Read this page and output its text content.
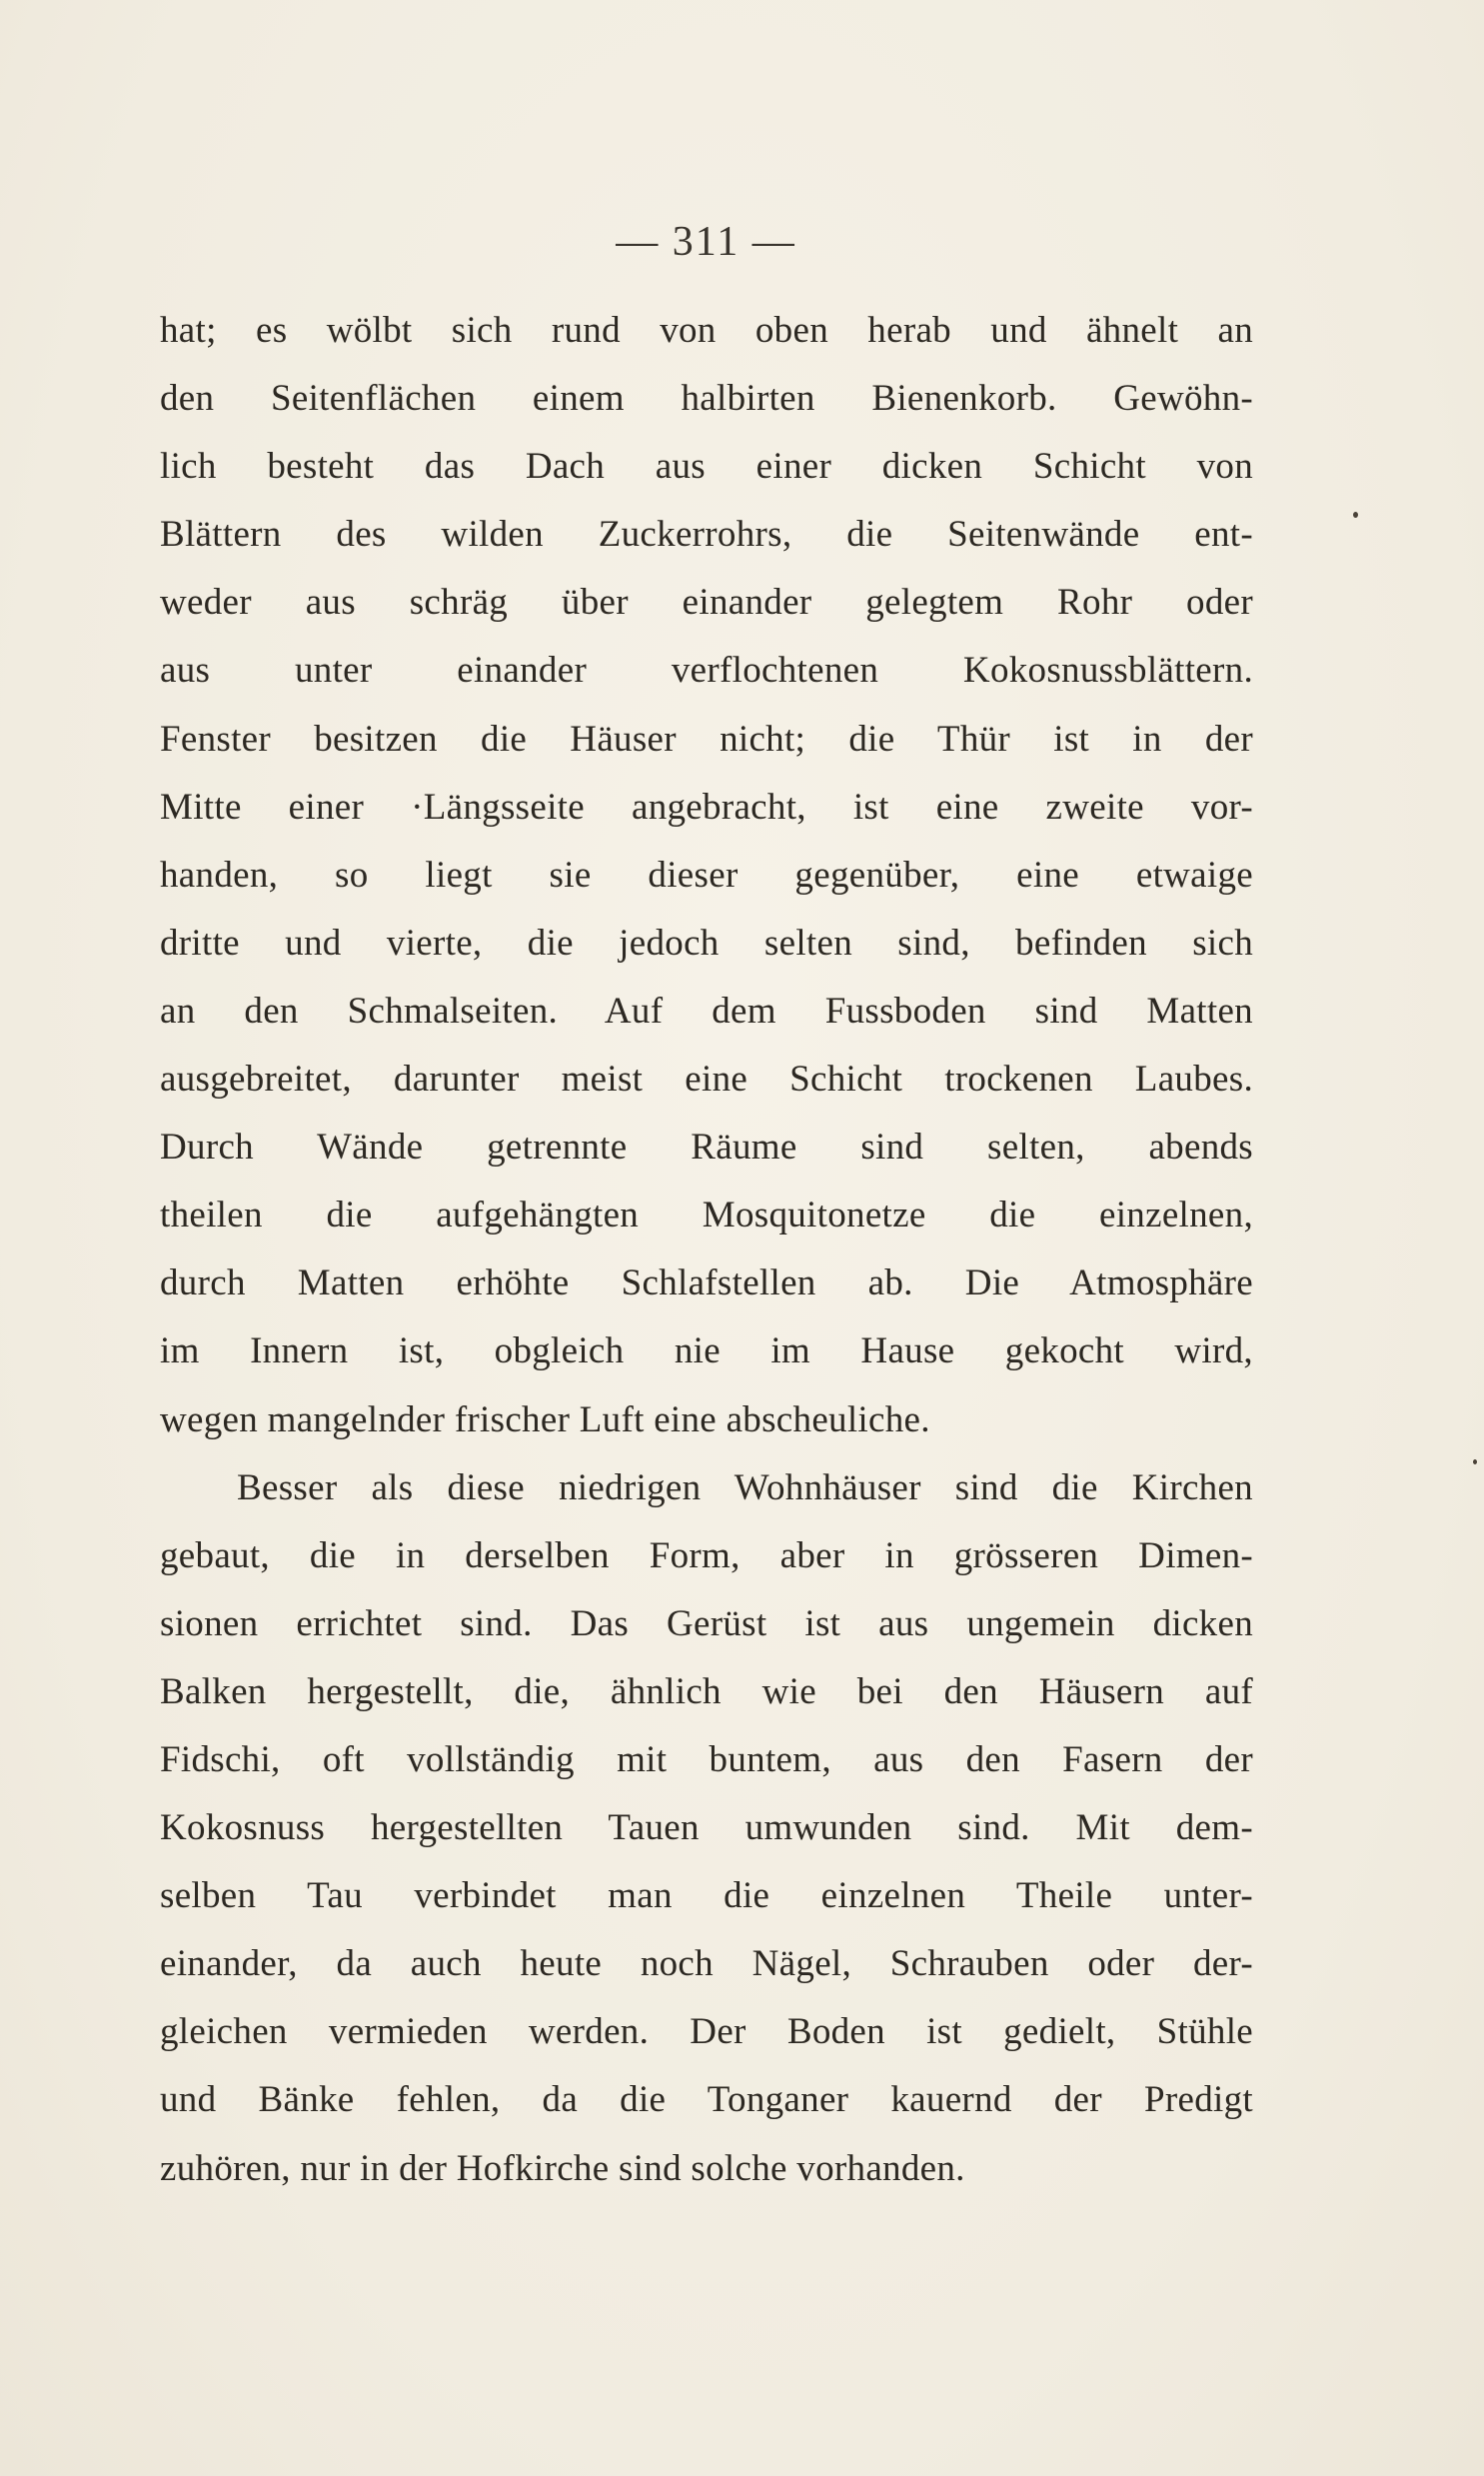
— 311 —
hat; es wölbt sich rund von oben herab und ähnelt an
den Seitenflächen einem halbirten Bienenkorb. Gewöhn-
lich besteht das Dach aus einer dicken Schicht von
Blättern des wilden Zuckerrohrs, die Seitenwände ent-
weder aus schräg über einander gelegtem Rohr oder
aus unter einander verflochtenen Kokosnussblättern.
Fenster besitzen die Häuser nicht; die Thür ist in der
Mitte einer ·Längsseite angebracht, ist eine zweite vor-
handen, so liegt sie dieser gegenüber, eine etwaige
dritte und vierte, die jedoch selten sind, befinden sich
an den Schmalseiten. Auf dem Fussboden sind Matten
ausgebreitet, darunter meist eine Schicht trockenen Laubes.
Durch Wände getrennte Räume sind selten, abends
theilen die aufgehängten Mosquitonetze die einzelnen,
durch Matten erhöhte Schlafstellen ab. Die Atmosphäre
im Innern ist, obgleich nie im Hause gekocht wird,
wegen mangelnder frischer Luft eine abscheuliche.
Besser als diese niedrigen Wohnhäuser sind die Kirchen
gebaut, die in derselben Form, aber in grösseren Dimen-
sionen errichtet sind. Das Gerüst ist aus ungemein dicken
Balken hergestellt, die, ähnlich wie bei den Häusern auf
Fidschi, oft vollständig mit buntem, aus den Fasern der
Kokosnuss hergestellten Tauen umwunden sind. Mit dem-
selben Tau verbindet man die einzelnen Theile unter-
einander, da auch heute noch Nägel, Schrauben oder der-
gleichen vermieden werden. Der Boden ist gedielt, Stühle
und Bänke fehlen, da die Tonganer kauernd der Predigt
zuhören, nur in der Hofkirche sind solche vorhanden.
